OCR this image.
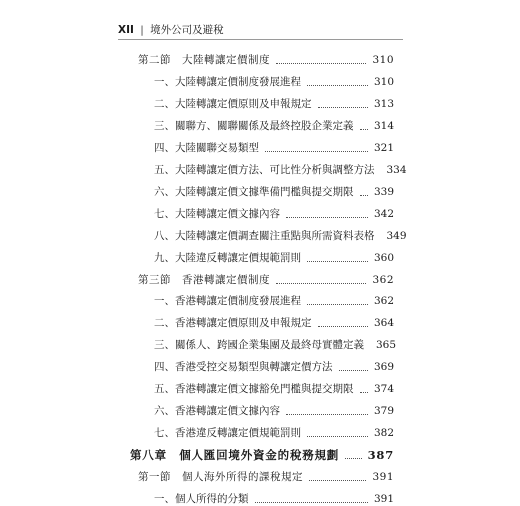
XII | 境外公司及避稅
第二節　大陸轉讓定價制度	310
一、大陸轉讓定價制度發展進程	310
二、大陸轉讓定價原則及申報規定	313
三、關聯方、關聯關係及最終控股企業定義 314
四、大陸關聯交易類型	321
五、大陸轉讓定價方法、可比性分析與調整方法 334
六、大陸轉讓定價文據準備門檻與提交期限 339
七、大陸轉讓定價文據內容	342
八、大陸轉讓定價調查關注重點與所需資料表格 349
九、大陸違反轉讓定價規範罰則	360
第三節　香港轉讓定價制度	362
一、香港轉讓定價制度發展進程	362
二、香港轉讓定價原則及申報規定	364
三、關係人、跨國企業集團及最終母實體定義 365
四、香港受控交易類型與轉讓定價方法	369
五、香港轉讓定價文據豁免門檻與提交期限 374
六、香港轉讓定價文據內容	379
七、香港違反轉讓定價規範罰則	382
第八章　個人匯回境外資金的稅務規劃 387
第一節　個人海外所得的課稅規定	391
一、個人所得的分類	391
